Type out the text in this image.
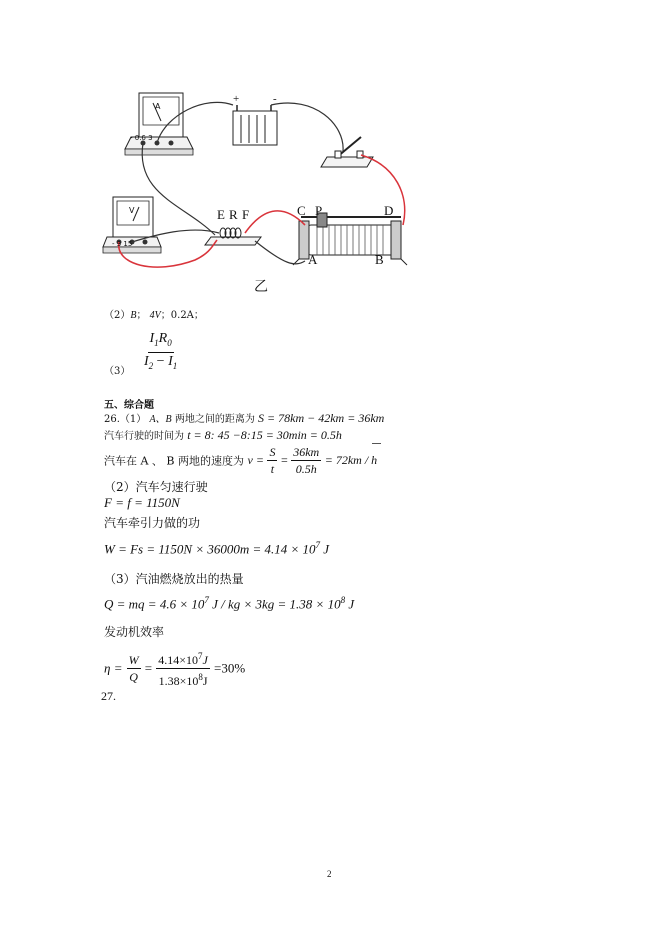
+	-
A
- 0.6 3
V
- 3 15
E R F	C P	D
A	B
乙
（2）B； 4V；0.2A；
$(3) \frac{I_1R_0}{I_2 - I_1}$
五、综合题
26.（1） A、B 两地之间的距离为 S = 78km − 42km = 36km
汽车行驶的时间为 t = 8: 45 −8:15 = 30min = 0.5h
汽车在 A 、 B 两地的速度为 $v = \frac{S}{t} = \frac{36km}{0.5h} = 72km / h$
（2）汽车匀速行驶
F = f = 1150N
汽车牵引力做的功
$W = Fs = 1150N \times 36000m = 4.14 \times 10^7$ J
（3）汽油燃烧放出的热量
Q = mq = $4.6 \times 10^7$ J / kg × $3kg = 1.38 \times 10^8$ J
发动机效率
$\eta = \frac{W}{Q} = \frac{4.14\times 10^7J}{1.38\times 10^8J} =30\%$
27.
2
